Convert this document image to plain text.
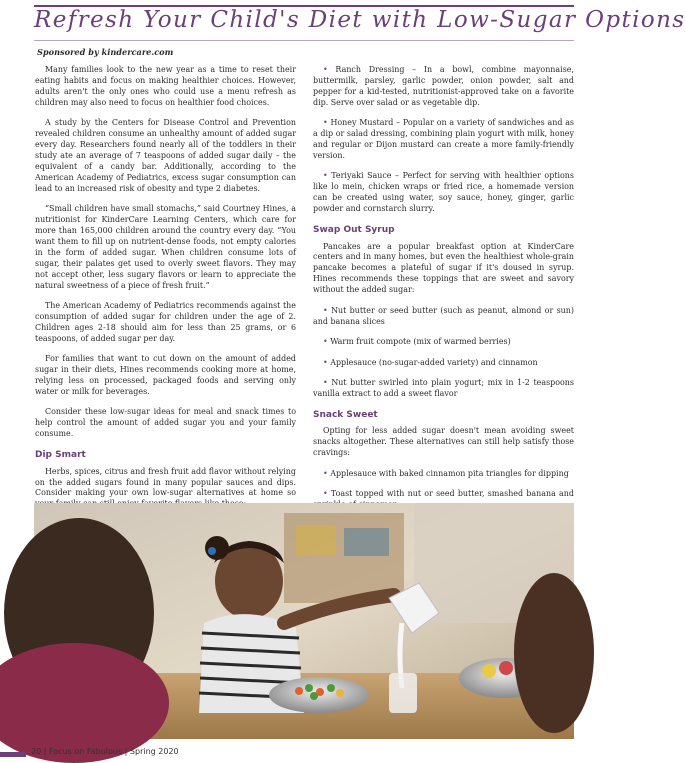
Refresh Your Child's Diet with Low-Sugar Options
Sponsored by kindercare.com

Many families look to the new year as a time to reset their eating habits and focus on making healthier choices. However, adults aren't the only ones who could use a menu refresh as children may also need to focus on healthier food choices.

A study by the Centers for Disease Control and Prevention revealed children consume an unhealthy amount of added sugar every day. Researchers found nearly all of the toddlers in their study ate an average of 7 teaspoons of added sugar daily – the equivalent of a candy bar. Additionally, according to the American Academy of Pediatrics, excess sugar consumption can lead to an increased risk of obesity and type 2 diabetes.

“Small children have small stomachs,” said Courtney Hines, a nutritionist for KinderCare Learning Centers, which care for more than 165,000 children around the country every day. “You want them to fill up on nutrient-dense foods, not empty calories in the form of added sugar. When children consume lots of sugar, their palates get used to overly sweet flavors. They may not accept other, less sugary flavors or learn to appreciate the natural sweetness of a piece of fresh fruit.”

The American Academy of Pediatrics recommends against the consumption of added sugar for children under the age of 2. Children ages 2-18 should aim for less than 25 grams, or 6 teaspoons, of added sugar per day.

For families that want to cut down on the amount of added sugar in their diets, Hines recommends cooking more at home, relying less on processed, packaged foods and serving only water or milk for beverages.

Consider these low-sugar ideas for meal and snack times to help control the amount of added sugar you and your family consume.

Dip Smart

Herbs, spices, citrus and fresh fruit add flavor without relying on the added sugars found in many popular sauces and dips. Consider making your own low-sugar alternatives at home so

• Ranch Dressing – In a bowl, combine mayonnaise, buttermilk, parsley, garlic powder, onion powder, salt and pepper for a kid-tested, nutritionist-approved take on a favorite dip. Serve over salad or as vegetable dip.

• Honey Mustard – Popular on a variety of sandwiches and as a dip or salad dressing, combining plain yogurt with milk, honey and regular or Dijon mustard can create a more family-friendly version.

• Teriyaki Sauce – Perfect for serving with healthier options like lo mein, chicken wraps or fried rice, a homemade version can be created using water, soy sauce, honey, ginger, garlic powder and cornstarch slurry.

Swap Out Syrup

Pancakes are a popular breakfast option at KinderCare centers and in many homes, but even the healthiest whole-grain pancake becomes a plateful of sugar if it's doused in syrup. Hines recommends these toppings that are sweet and savory without the added sugar:

• Nut butter or seed butter (such as peanut, almond or sun) and banana slices

• Warm fruit compote (mix of warmed berries)

• Applesauce (no-sugar-added variety) and cinnamon

• Nut butter swirled into plain yogurt; mix in 1-2 teaspoons vanilla extract to add a sweet flavor

Snack Sweet

Opting for less added sugar doesn't mean avoiding sweet snacks altogether. These alternatives can still help satisfy those cravings:

• Applesauce with baked cinnamon pita triangles for dipping

• Toast topped with nut or seed butter, smashed banana and

20 | Focus on Fabulous | Spring 2020
